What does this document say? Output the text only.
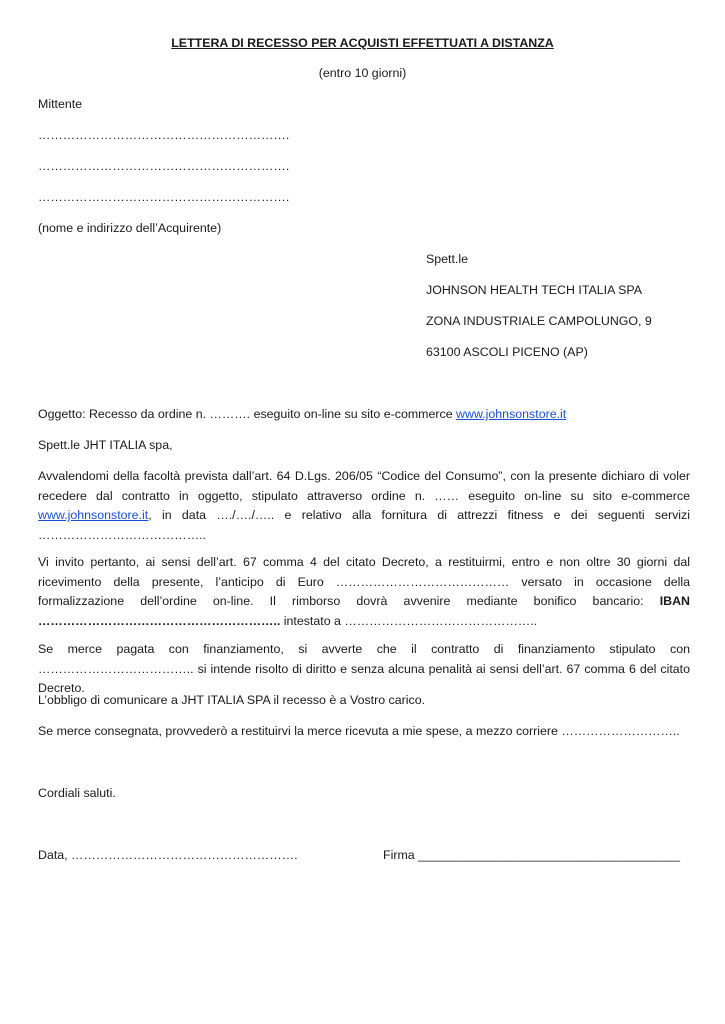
LETTERA DI RECESSO PER ACQUISTI EFFETTUATI A DISTANZA
(entro 10 giorni)
Mittente
…………………………………………………….
…………………………………………………….
…………………………………………………….
(nome e indirizzo dell’Acquirente)
Spett.le
JOHNSON HEALTH TECH ITALIA SPA
ZONA INDUSTRIALE CAMPOLUNGO, 9
63100 ASCOLI PICENO (AP)
Oggetto: Recesso da ordine n. ………. eseguito on-line su sito e-commerce www.johnsonstore.it
Spett.le JHT ITALIA spa,
Avvalendomi della facoltà prevista dall’art. 64 D.Lgs. 206/05 “Codice del Consumo”, con la presente dichiaro di voler recedere dal contratto in oggetto, stipulato attraverso ordine n. …… eseguito on-line su sito e-commerce www.johnsonstore.it, in data …./…./….. e relativo alla fornitura di attrezzi fitness e dei seguenti servizi …………………………………..
Vi invito pertanto, ai sensi dell’art. 67 comma 4 del citato Decreto, a restituirmi, entro e non oltre 30 giorni dal ricevimento della presente, l’anticipo di Euro …………………………………… versato in occasione della formalizzazione dell’ordine on-line. Il rimborso dovrà avvenire mediante bonifico bancario: IBAN ………………………………………………….. intestato a ………………………………………..
Se merce pagata con finanziamento, si avverte che il contratto di finanziamento stipulato con ……………………………….. si intende risolto di diritto e senza alcuna penalità ai sensi dell’art. 67 comma 6 del citato Decreto.
L’obbligo di comunicare a JHT ITALIA SPA il recesso è a Vostro carico.
Se merce consegnata, provvederò a restituirvi la merce ricevuta a mie spese, a mezzo corriere ………………………..
Cordiali saluti.
Data, ……………………………………………….	Firma ______________________________________
